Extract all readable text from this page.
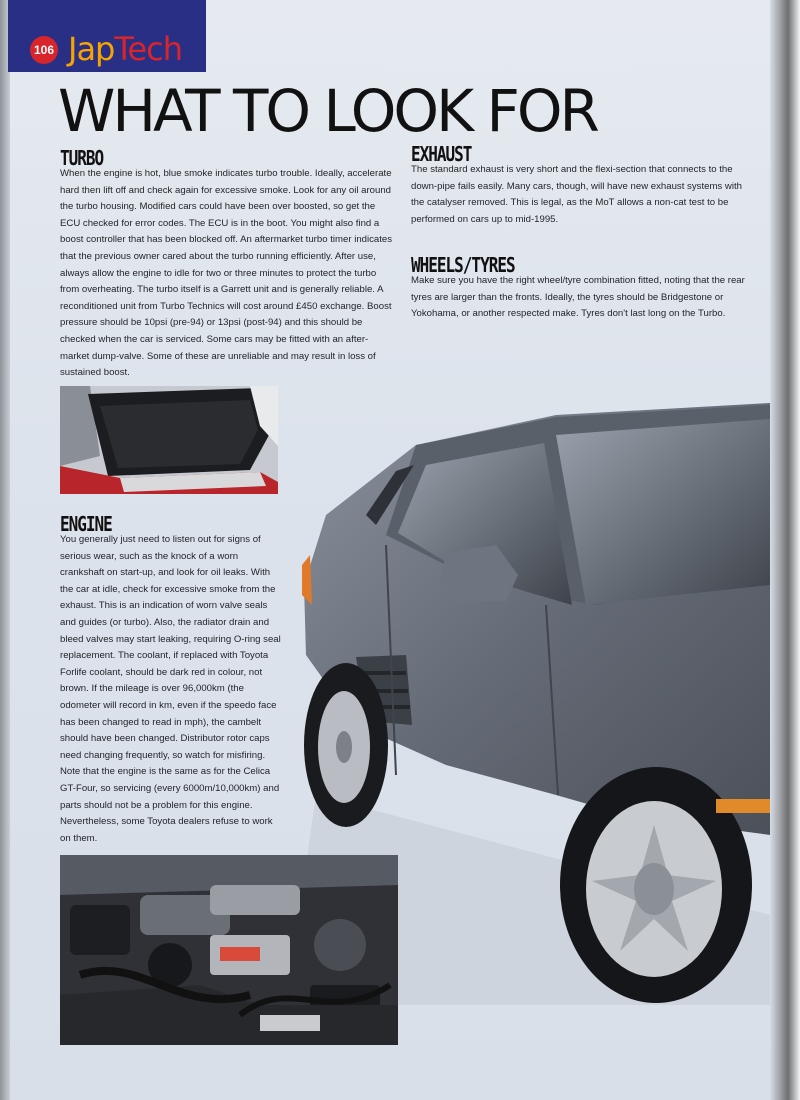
106 JapTech
WHAT TO LOOK FOR
TURBO

When the engine is hot, blue smoke indicates turbo trouble. Ideally, accelerate hard then lift off and check again for excessive smoke. Look for any oil around the turbo housing. Modified cars could have been over boosted, so get the ECU checked for error codes. The ECU is in the boot. You might also find a boost controller that has been blocked off. An aftermarket turbo timer indicates that the previous owner cared about the turbo running efficiently. After use, always allow the engine to idle for two or three minutes to protect the turbo from overheating. The turbo itself is a Garrett unit and is generally reliable. A reconditioned unit from Turbo Technics will cost around £450 exchange. Boost pressure should be 10psi (pre-94) or 13psi (post-94) and this should be checked when the car is serviced. Some cars may be fitted with an after-market dump-valve. Some of these are unreliable and may result in loss of sustained boost.

EXHAUST

The standard exhaust is very short and the flexi-section that connects to the down-pipe fails easily. Many cars, though, will have new exhaust systems with the catalyser removed. This is legal, as the MoT allows a non-cat test to be performed on cars up to mid-1995.

WHEELS/TYRES

Make sure you have the right wheel/tyre combination fitted, noting that the rear tyres are larger than the fronts. Ideally, the tyres should be Bridgestone or Yokohama, or another respected make. Tyres don't last long on the Turbo.

ENGINE

You generally just need to listen out for signs of serious wear, such as the knock of a worn crankshaft on start-up, and look for oil leaks. With the car at idle, check for excessive smoke from the exhaust. This is an indication of worn valve seals and guides (or turbo). Also, the radiator drain and bleed valves may start leaking, requiring O-ring seal replacement. The coolant, if replaced with Toyota Forlife coolant, should be dark red in colour, not brown. If the mileage is over 96,000km (the odometer will record in km, even if the speedo face has been changed to read in mph), the cambelt should have been changed. Distributor rotor caps need changing frequently, so watch for misfiring. Note that the engine is the same as for the Celica GT-Four, so servicing (every 6000m/10,000km) and parts should not be a problem for this engine. Nevertheless, some Toyota dealers refuse to work on them.
